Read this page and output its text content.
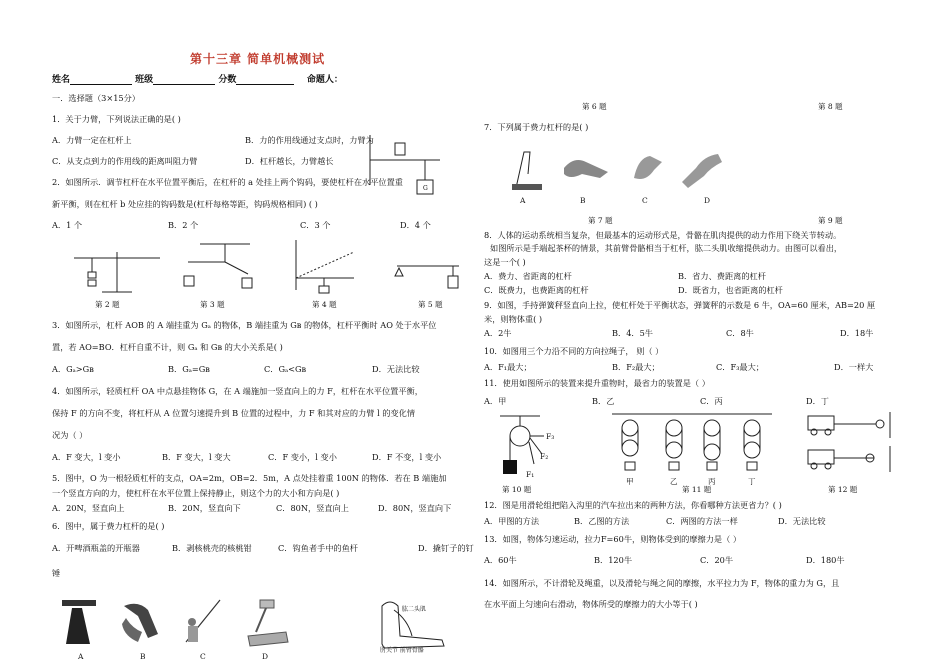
第十三章 简单机械测试
姓名	班级	分数	命题人：
一．选择题（3×15分）
1．关于力臂，下列说法正确的是( )
A．力臂一定在杠杆上	B．力的作用线通过支点时，力臂为
C．从支点到力的作用线的距离叫阻力臂	D．杠杆越长，力臂越长
G
2．如图所示．调节杠杆在水平位置平衡后，在杠杆的 a 处挂上两个钩码，要使杠杆在水平位置重
新平衡，则在杠杆 b 处应挂的钩码数是(杠杆每格等距，钩码规格相同) ( )
A．1 个	B．2 个	C．3 个	D．4 个
第 2 题	第 3 题	第 4 题	第 5 题
3．如图所示，杠杆 AOB 的 A 端挂重为 Gₐ 的物体，B 端挂重为 Gʙ 的物体，杠杆平衡时 AO 处于水平位
置，若 AO=BO．杠杆自重不计，则 Gₐ 和 Gʙ 的大小关系是( )
A．Gₐ>Gʙ	B．Gₐ=Gʙ	C．Gₐ<Gʙ	D．无法比较
4．如图所示，轻质杠杆 OA 中点悬挂物体 G，在 A 端施加一竖直向上的力 F，杠杆在水平位置平衡，
保持 F 的方向不变，将杠杆从 A 位置匀速提升到 B 位置的过程中，力 F 和其对应的力臂 l 的变化情
况为（ ）
A．F 变大，l 变小	B．F 变大，l 变大	C．F 变小，l 变小	D．F 不变，l 变小
5．图中，O 为一根轻质杠杆的支点，OA=2m，OB=2．5m，A 点处挂着重 100N 的物体．若在 B 端施加
一个竖直方向的力，使杠杆在水平位置上保持静止，则这个力的大小和方向是( )
A．20N，竖直向上	B．20N，竖直向下	C．80N，竖直向上	D．80N，竖直向下
6．图中，属于费力杠杆的是( )
A．开啤酒瓶盖的开瓶器	B．剥核桃壳的核桃钳	C．钩鱼者手中的鱼杆	D．撬钉子的钉
锤
A	B	C	D
肱二头肌
肘关节 前臂骨骼
第 6 题	第 8 题
7．下列属于费力杠杆的是( )
A	B	C	D
第 7 题	第 9 题
8．人体的运动系统相当复杂，但最基本的运动形式是，骨骼在肌肉提供的动力作用下绕关节转动。
如图所示是手端起茶杯的情景，其前臂骨骼相当于杠杆，肱二头肌收缩提供动力。由图可以看出，
这是一个( )
A．费力、省距离的杠杆	B．省力、费距离的杠杆
C．既费力，也费距离的杠杆	D．既省力，也省距离的杠杆
9．如图，手持弹簧秤竖直向上拉，使杠杆处于平衡状态，弹簧秤的示数是 6 牛，OA=60 厘米，AB=20 厘
米，则物体重( )
A．2牛	B．4．5牛	C．8牛	D．18牛
10．如图用三个力沿不同的方向拉绳子， 则（ ）
A．F₁最大；	B．F₂最大；	C．F₃最大；	D．一样大
11．使用如图所示的装置来提升重物时，最省力的装置是（ ）
A．甲	B．乙	C．丙	D．丁
F₃
F₂
F₁
甲	乙	丙	丁
第 10 题	第 11 题	第 12 题
12．图是用滑轮组把陷入沟里的汽车拉出来的两种方法，你看哪种方法更省力？( )
A．甲图的方法	B．乙图的方法	C．两图的方法一样	D．无法比较
13．如图，物体匀速运动，拉力F=60牛，则物体受到的摩擦力是（ ）
A．60牛	B．120牛	C．20牛	D．180牛
14．如图所示，不计滑轮及绳重，以及滑轮与绳之间的摩擦，水平拉力为 F，物体的重力为 G，且
在水平面上匀速向右滑动，物体所受的摩擦力的大小等于( )
